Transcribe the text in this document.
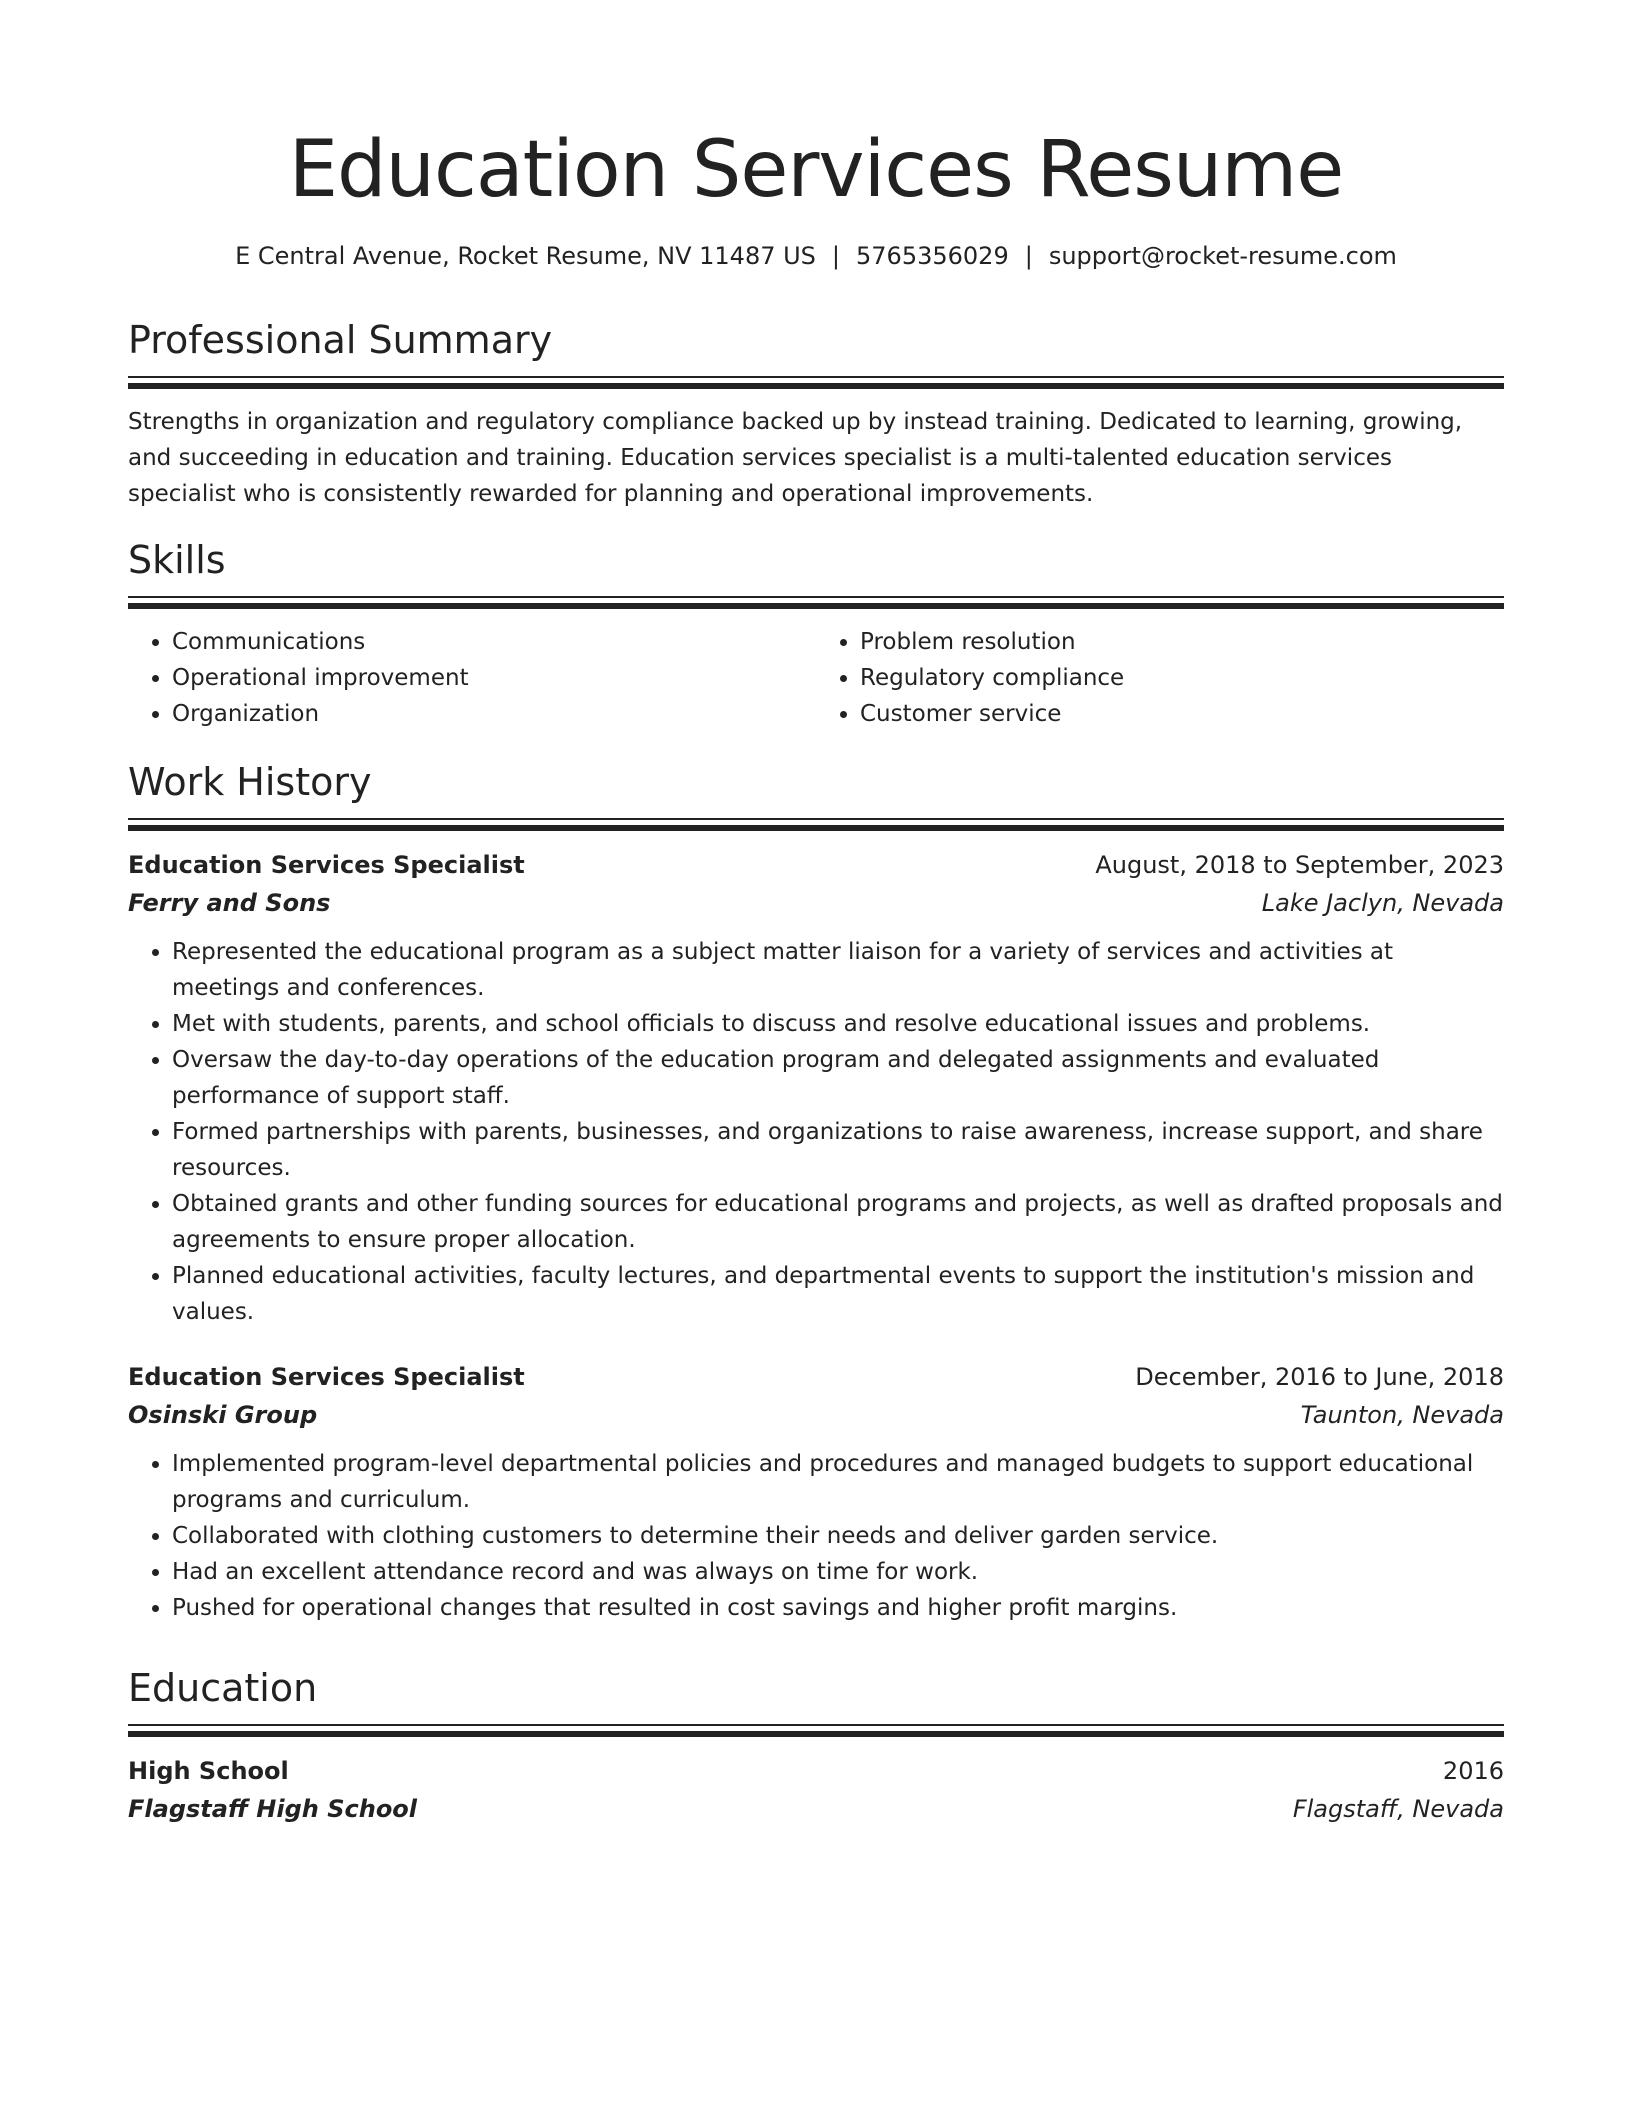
Education Services Resume
E Central Avenue, Rocket Resume, NV 11487 US | 5765356029 | support@rocket-resume.com
Professional Summary

Strengths in organization and regulatory compliance backed up by instead training. Dedicated to learning, growing, and succeeding in education and training. Education services specialist is a multi-talented education services specialist who is consistently rewarded for planning and operational improvements.

Skills
• Communications
• Operational improvement
• Organization
• Problem resolution
• Regulatory compliance
• Customer service
Work History
Education Services Specialist	August, 2018 to September, 2023
Ferry and Sons	Lake Jaclyn, Nevada
• Represented the educational program as a subject matter liaison for a variety of services and activities at meetings and conferences.
• Met with students, parents, and school officials to discuss and resolve educational issues and problems.
• Oversaw the day-to-day operations of the education program and delegated assignments and evaluated performance of support staff.
• Formed partnerships with parents, businesses, and organizations to raise awareness, increase support, and share resources.
• Obtained grants and other funding sources for educational programs and projects, as well as drafted proposals and agreements to ensure proper allocation.
• Planned educational activities, faculty lectures, and departmental events to support the institution's mission and values.
Education Services Specialist	December, 2016 to June, 2018
Osinski Group	Taunton, Nevada
• Implemented program-level departmental policies and procedures and managed budgets to support educational programs and curriculum.
• Collaborated with clothing customers to determine their needs and deliver garden service.
• Had an excellent attendance record and was always on time for work.
• Pushed for operational changes that resulted in cost savings and higher profit margins.
Education
High School	2016
Flagstaff High School	Flagstaff, Nevada
